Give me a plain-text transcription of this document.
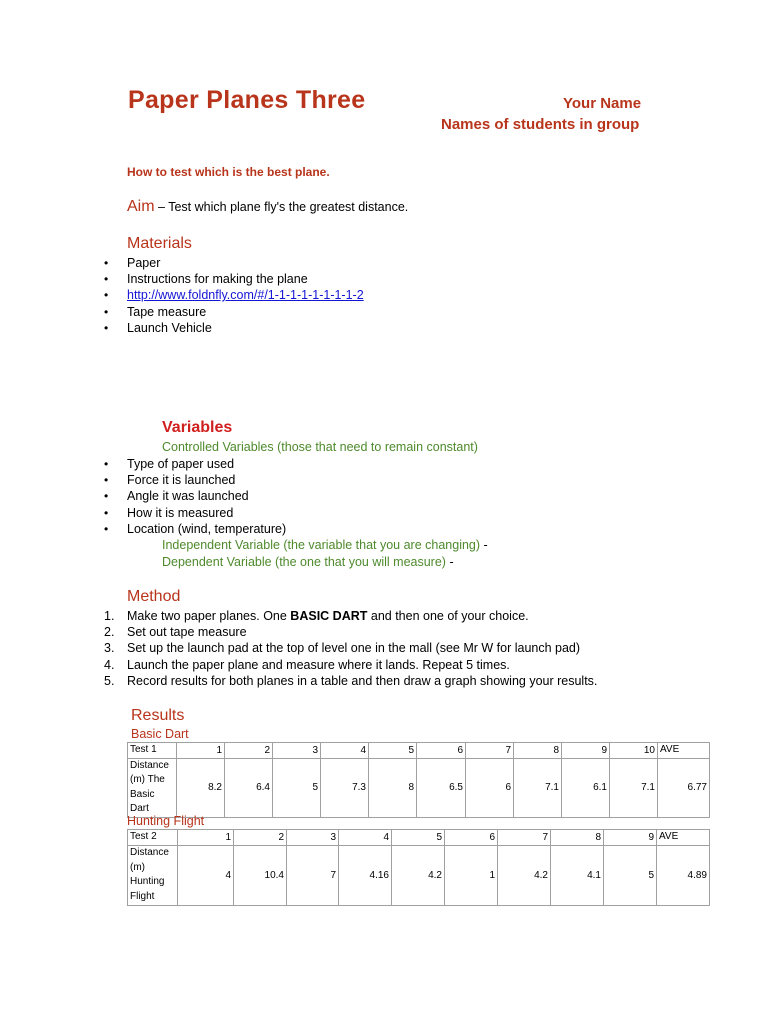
Paper Planes Three	Your Name
Names of students in group
How to test which is the best plane.
Aim – Test which plane fly's the greatest distance.
Materials
• Paper
• Instructions for making the plane
• http://www.foldnfly.com/#/1-1-1-1-1-1-1-1-2
• Tape measure
• Launch Vehicle
Variables
Controlled Variables (those that need to remain constant)
• Type of paper used
• Force it is launched
• Angle it was launched
• How it is measured
• Location (wind, temperature)
Independent Variable (the variable that you are changing) -
Dependent Variable (the one that you will measure) -
Method
1.	Make two paper planes. One BASIC DART and then one of your choice.
2.	Set out tape measure
3.	Set up the launch pad at the top of level one in the mall (see Mr W for launch pad)
4.	Launch the paper plane and measure where it lands. Repeat 5 times.
5.	Record results for both planes in a table and then draw a graph showing your results.
Results
Basic Dart
Test 1	1	2	3	4	5	6	7	8	9	10	AVE
Distance (m) The Basic Dart	8.2	6.4	5	7.3	8	6.5	6	7.1	6.1	7.1	6.77
Hunting Flight
Test 2	1	2	3	4	5	6	7	8	9	AVE
Distance (m) Hunting Flight	4	10.4	7	4.16	4.2	1	4.2	4.1	5	4.89
